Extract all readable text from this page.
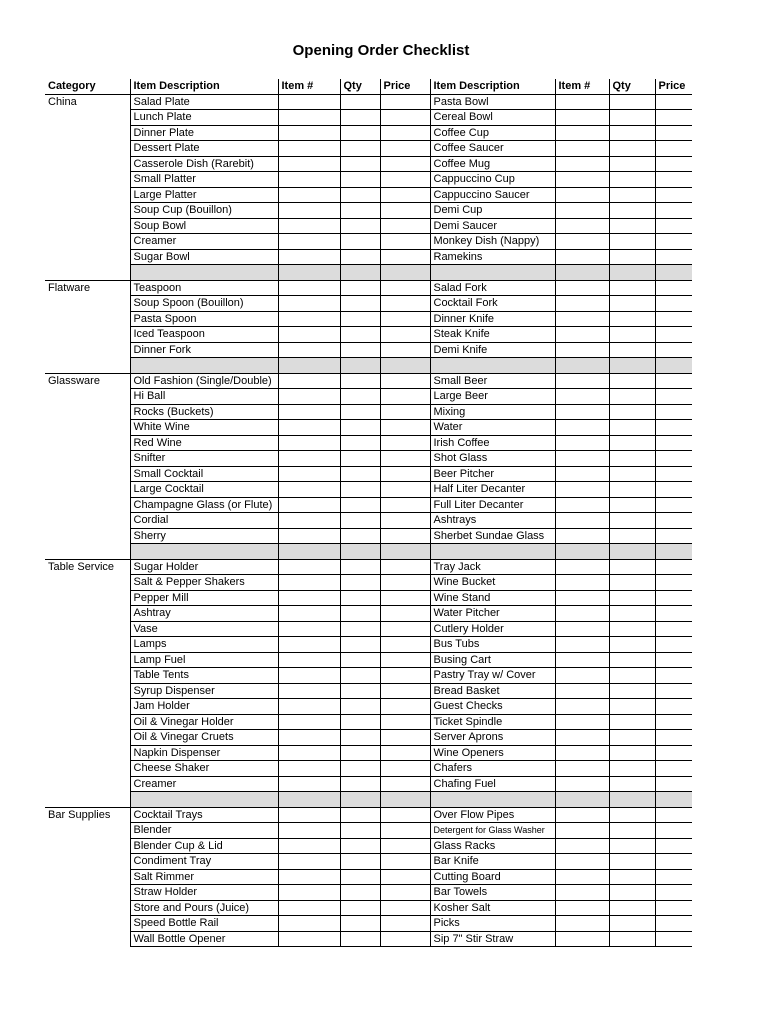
Opening Order Checklist
Category	Item Description	Item #	Qty	Price	Item Description	Item #	Qty	Price
China	Salad Plate				Pasta Bowl			
	Lunch Plate				Cereal Bowl			
	Dinner Plate				Coffee Cup			
	Dessert Plate				Coffee Saucer			
	Casserole Dish (Rarebit)				Coffee Mug			
	Small Platter				Cappuccino Cup			
	Large Platter				Cappuccino Saucer			
	Soup Cup (Bouillon)				Demi Cup			
	Soup Bowl				Demi Saucer			
	Creamer				Monkey Dish (Nappy)			
	Sugar Bowl				Ramekins			

Flatware	Teaspoon				Salad Fork			
	Soup Spoon (Bouillon)				Cocktail Fork			
	Pasta Spoon				Dinner Knife			
	Iced Teaspoon				Steak Knife			
	Dinner Fork				Demi Knife			

Glassware	Old Fashion (Single/Double)				Small Beer			
	Hi Ball				Large Beer			
	Rocks (Buckets)				Mixing			
	White Wine				Water			
	Red Wine				Irish Coffee			
	Snifter				Shot Glass			
	Small Cocktail				Beer Pitcher			
	Large Cocktail				Half Liter Decanter			
	Champagne Glass (or Flute)				Full Liter Decanter			
	Cordial				Ashtrays			
	Sherry				Sherbet Sundae Glass			

Table Service	Sugar Holder				Tray Jack			
	Salt & Pepper Shakers				Wine Bucket			
	Pepper Mill				Wine Stand			
	Ashtray				Water Pitcher			
	Vase				Cutlery Holder			
	Lamps				Bus Tubs			
	Lamp Fuel				Busing Cart			
	Table Tents				Pastry Tray w/ Cover			
	Syrup Dispenser				Bread Basket			
	Jam Holder				Guest Checks			
	Oil & Vinegar Holder				Ticket Spindle			
	Oil & Vinegar Cruets				Server Aprons			
	Napkin Dispenser				Wine Openers			
	Cheese Shaker				Chafers			
	Creamer				Chafing Fuel			

Bar Supplies	Cocktail Trays				Over Flow Pipes			
	Blender				Detergent for Glass Washer			
	Blender Cup & Lid				Glass Racks			
	Condiment Tray				Bar Knife			
	Salt Rimmer				Cutting Board			
	Straw Holder				Bar Towels			
	Store and Pours (Juice)				Kosher Salt			
	Speed Bottle Rail				Picks			
	Wall Bottle Opener				Sip 7" Stir Straw			
